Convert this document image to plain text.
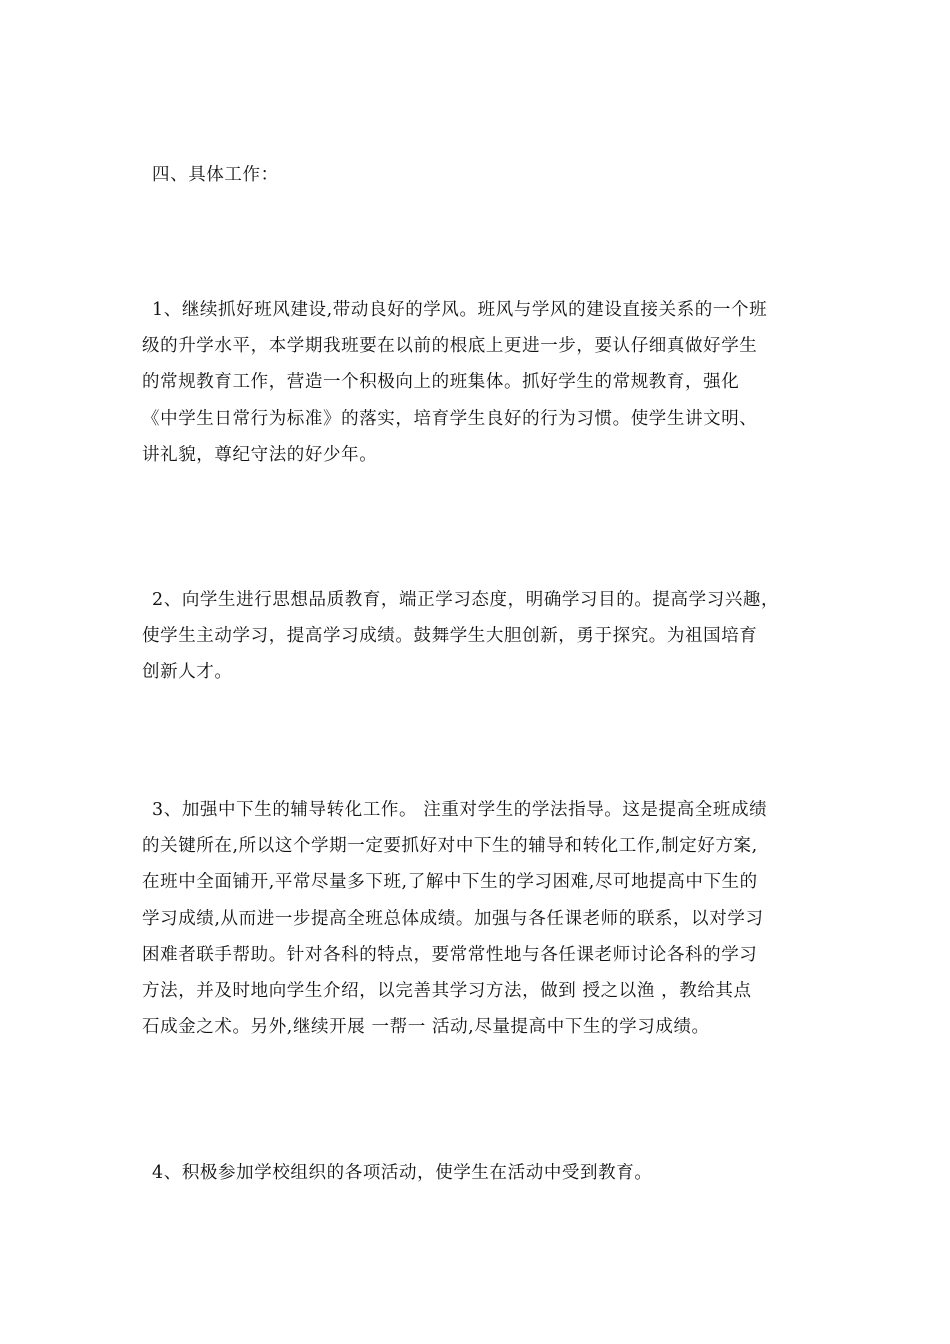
四、具体工作：
1、继续抓好班风建设,带动良好的学风。班风与学风的建设直接关系的一个班
级的升学水平，本学期我班要在以前的根底上更进一步，要认仔细真做好学生
的常规教育工作，营造一个积极向上的班集体。抓好学生的常规教育，强化
《中学生日常行为标准》的落实，培育学生良好的行为习惯。使学生讲文明、
讲礼貌，尊纪守法的好少年。
2、向学生进行思想品质教育，端正学习态度，明确学习目的。提高学习兴趣，
使学生主动学习，提高学习成绩。鼓舞学生大胆创新，勇于探究。为祖国培育
创新人才。
3、加强中下生的辅导转化工作。 注重对学生的学法指导。这是提高全班成绩
的关键所在,所以这个学期一定要抓好对中下生的辅导和转化工作,制定好方案,
在班中全面铺开,平常尽量多下班,了解中下生的学习困难,尽可地提高中下生的
学习成绩,从而进一步提高全班总体成绩。加强与各任课老师的联系，以对学习
困难者联手帮助。针对各科的特点，要常常性地与各任课老师讨论各科的学习
方法，并及时地向学生介绍，以完善其学习方法，做到 授之以渔 ，教给其点
石成金之术。另外,继续开展 一帮一 活动,尽量提高中下生的学习成绩。
4、积极参加学校组织的各项活动，使学生在活动中受到教育。
